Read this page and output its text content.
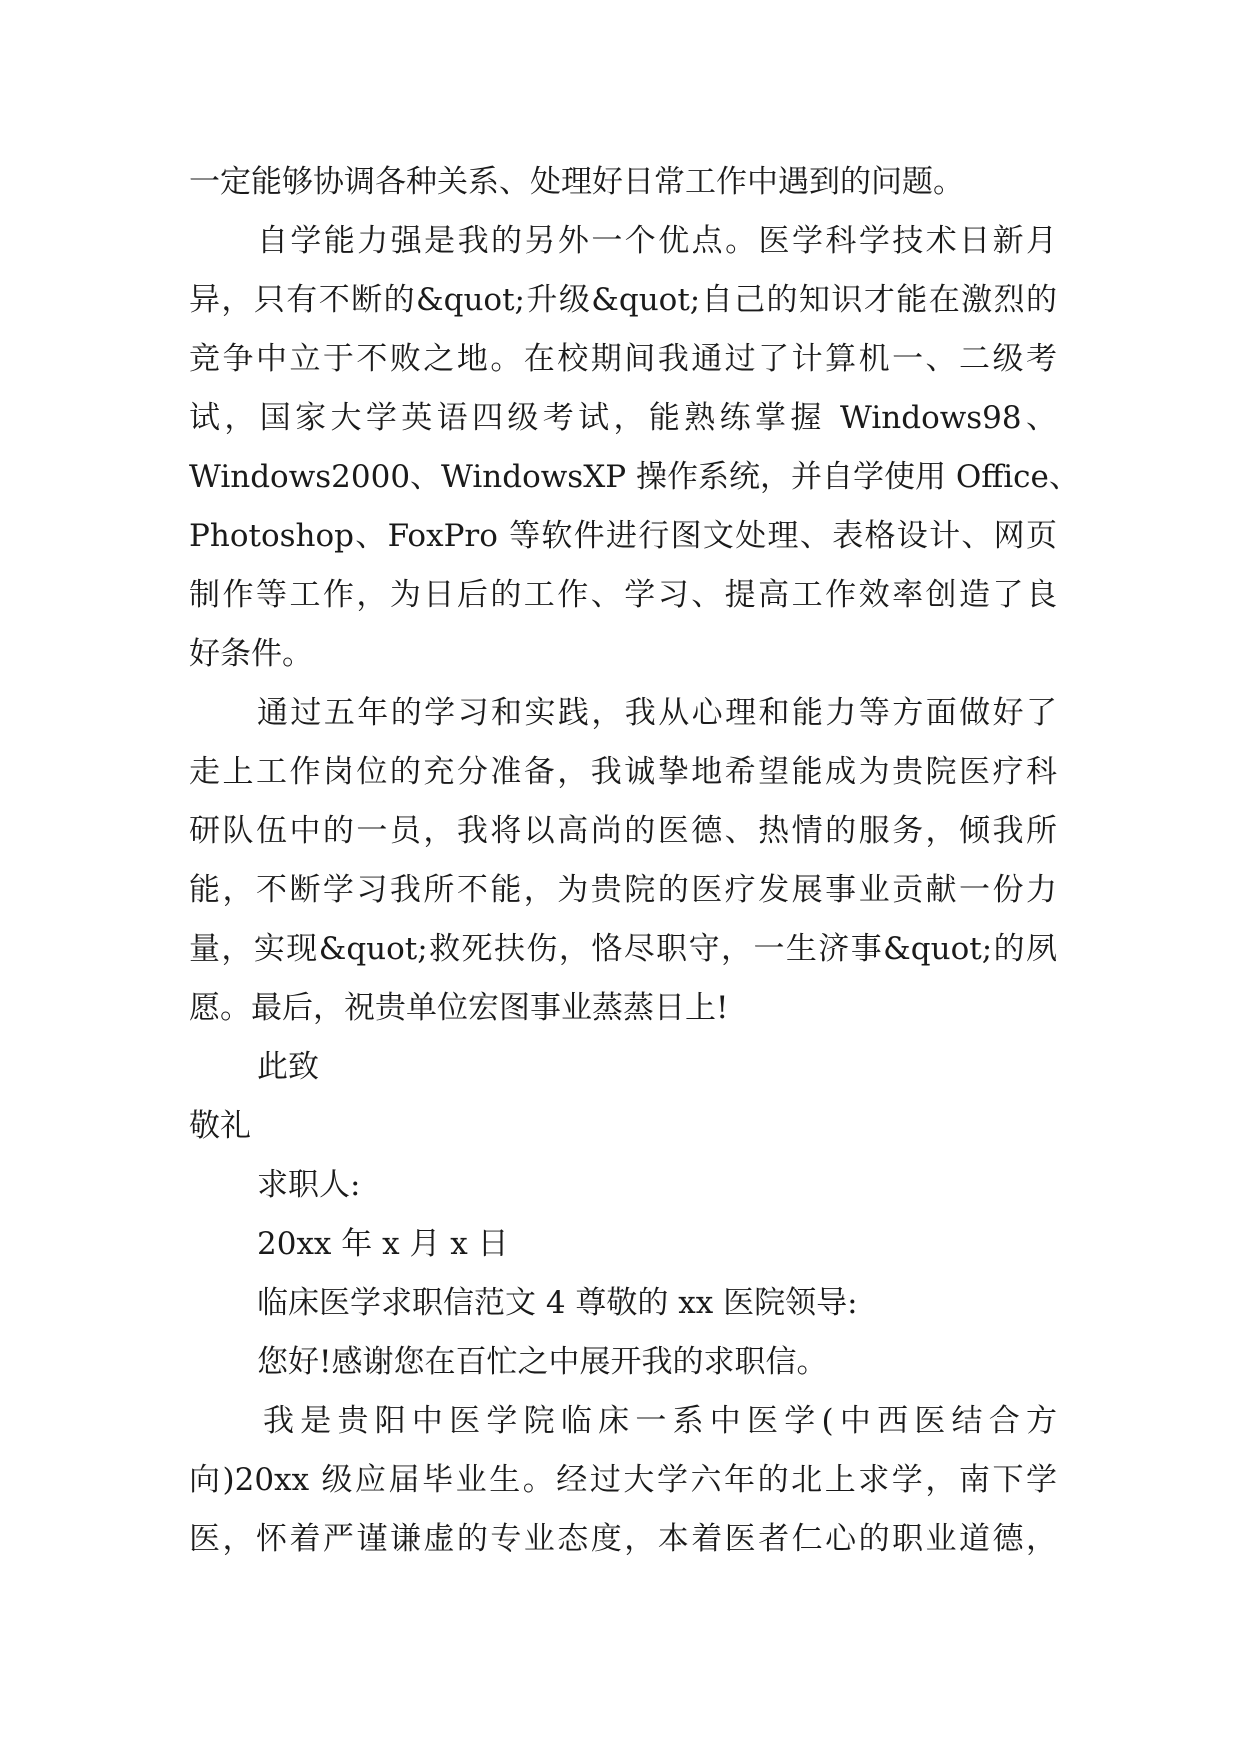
一定能够协调各种关系、处理好日常工作中遇到的问题。
自学能力强是我的另外一个优点。医学科学技术日新月
异，只有不断的&quot;升级&quot;自己的知识才能在激烈的
竞争中立于不败之地。在校期间我通过了计算机一、二级考
试，国家大学英语四级考试，能熟练掌握 Windows98、
Windows2000、WindowsXP 操作系统，并自学使用 Office、
Photoshop、FoxPro 等软件进行图文处理、表格设计、网页
制作等工作，为日后的工作、学习、提高工作效率创造了良
好条件。
通过五年的学习和实践，我从心理和能力等方面做好了
走上工作岗位的充分准备，我诚挚地希望能成为贵院医疗科
研队伍中的一员，我将以高尚的医德、热情的服务，倾我所
能，不断学习我所不能，为贵院的医疗发展事业贡献一份力
量，实现&quot;救死扶伤，恪尽职守，一生济事&quot;的夙
愿。最后，祝贵单位宏图事业蒸蒸日上!
此致
敬礼
求职人:
20xx 年 x 月 x 日
临床医学求职信范文 4 尊敬的 xx 医院领导:
您好!感谢您在百忙之中展开我的求职信。
我是贵阳中医学院临床一系中医学(中西医结合方
向)20xx 级应届毕业生。经过大学六年的北上求学，南下学
医，怀着严谨谦虚的专业态度，本着医者仁心的职业道德，
